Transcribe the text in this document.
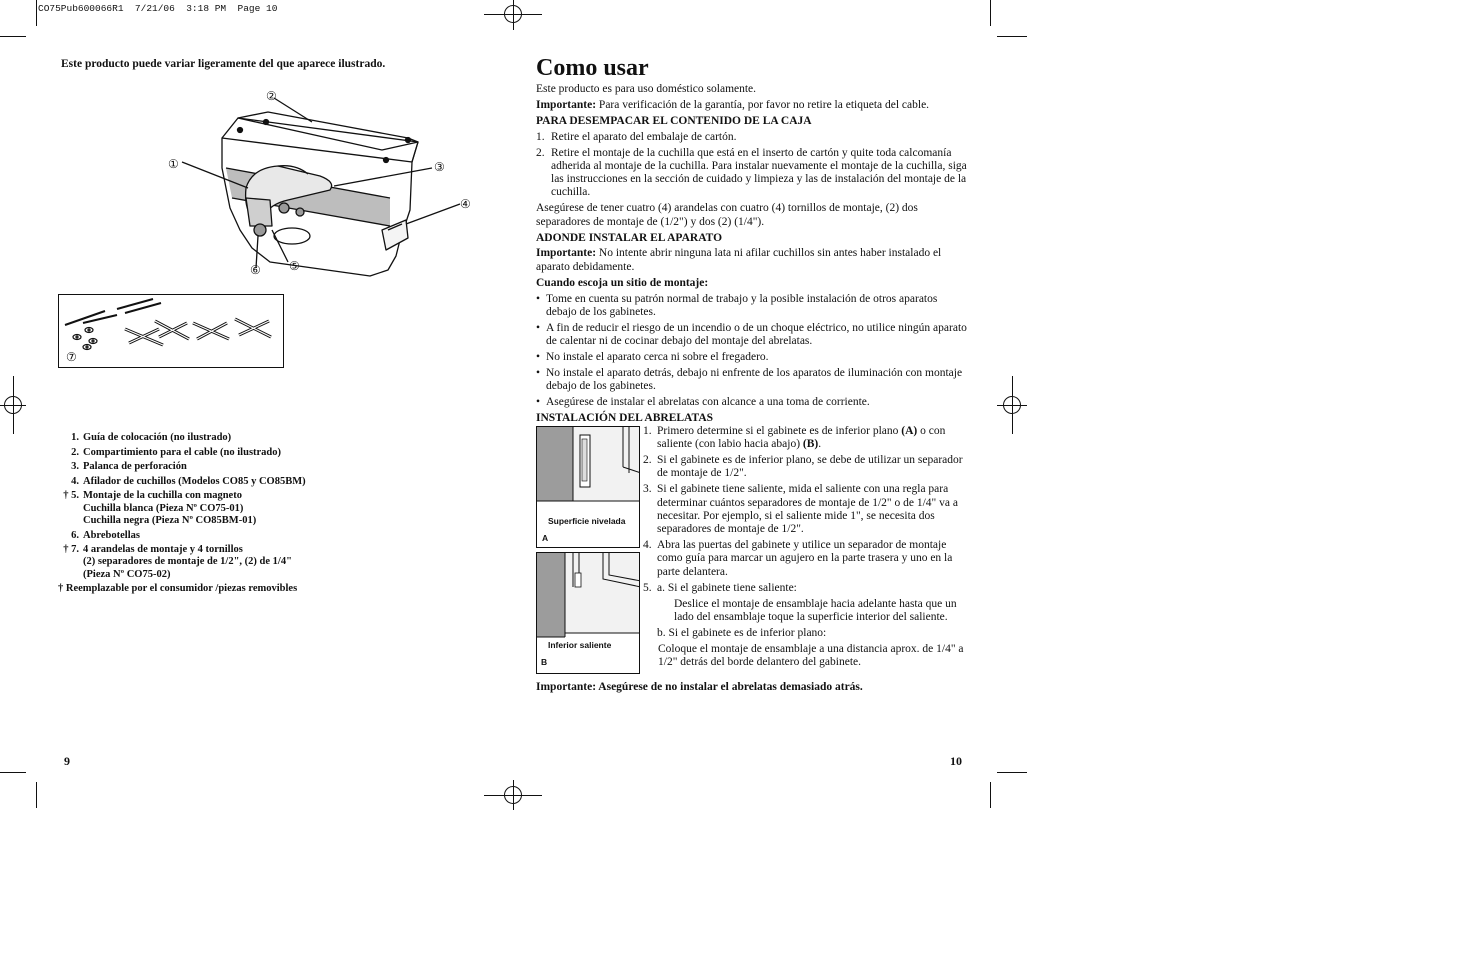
CO75Pub600066R1  7/21/06  3:18 PM  Page 10
Este producto puede variar ligeramente del que aparece ilustrado.
②
①	③
④
⑤
⑥
⑦
1. Guía de colocación (no ilustrado)
2. Compartimiento para el cable (no ilustrado)
3. Palanca de perforación
4. Afilador de cuchillos (Modelos CO85 y CO85BM)
† 5. Montaje de la cuchilla con magneto
Cuchilla blanca (Pieza Nº CO75-01)
Cuchilla negra (Pieza Nº CO85BM-01)
6. Abrebotellas
† 7. 4 arandelas de montaje y 4 tornillos
(2) separadores de montaje de 1/2", (2) de 1/4"
(Pieza Nº CO75-02)
† Reemplazable por el consumidor /piezas removibles
9
Como usar

Este producto es para uso doméstico solamente.

Importante: Para verificación de la garantía, por favor no retire la etiqueta del cable.

PARA DESEMPACAR EL CONTENIDO DE LA CAJA

1. Retire el aparato del embalaje de cartón.
2. Retire el montaje de la cuchilla que está en el inserto de cartón y quite toda calcomanía adherida al montaje de la cuchilla. Para instalar nuevamente el montaje de la cuchilla, siga las instrucciones en la sección de cuidado y limpieza y las de instalación del montaje de la cuchilla.

Asegúrese de tener cuatro (4) arandelas con cuatro (4) tornillos de montaje, (2) dos separadores de montaje de (1/2") y dos (2) (1/4").

ADONDE INSTALAR EL APARATO

Importante: No intente abrir ninguna lata ni afilar cuchillos sin antes haber instalado el aparato debidamente.

Cuando escoja un sitio de montaje:

• Tome en cuenta su patrón normal de trabajo y la posible instalación de otros aparatos debajo de los gabinetes.
• A fin de reducir el riesgo de un incendio o de un choque eléctrico, no utilice ningún aparato de calentar ni de cocinar debajo del montaje del abrelatas.
• No instale el aparato cerca ni sobre el fregadero.
• No instale el aparato detrás, debajo ni enfrente de los aparatos de iluminación con montaje debajo de los gabinetes.
• Asegúrese de instalar el abrelatas con alcance a una toma de corriente.

INSTALACIÓN DEL ABRELATAS

Superficie nivelada
A
Inferior saliente
B
1. Primero determine si el gabinete es de inferior plano (A) o con saliente (con labio hacia abajo) (B).
2. Si el gabinete es de inferior plano, se debe de utilizar un separador de montaje de 1/2".
3. Si el gabinete tiene saliente, mida el saliente con una regla para determinar cuántos separadores de montaje de 1/2" o de 1/4" va a necesitar. Por ejemplo, si el saliente mide 1", se necesita dos separadores de montaje de 1/2".
4. Abra las puertas del gabinete y utilice un separador de montaje como guía para marcar un agujero en la parte trasera y uno en la parte delantera.
5. a. Si el gabinete tiene saliente:
Deslice el montaje de ensamblaje hacia adelante hasta que un lado del ensamblaje toque la superficie interior del saliente.
b. Si el gabinete es de inferior plano:
Coloque el montaje de ensamblaje a una distancia aprox. de 1/4" a 1/2" detrás del borde delantero del gabinete.
Importante: Asegúrese de no instalar el abrelatas demasiado atrás.
10
